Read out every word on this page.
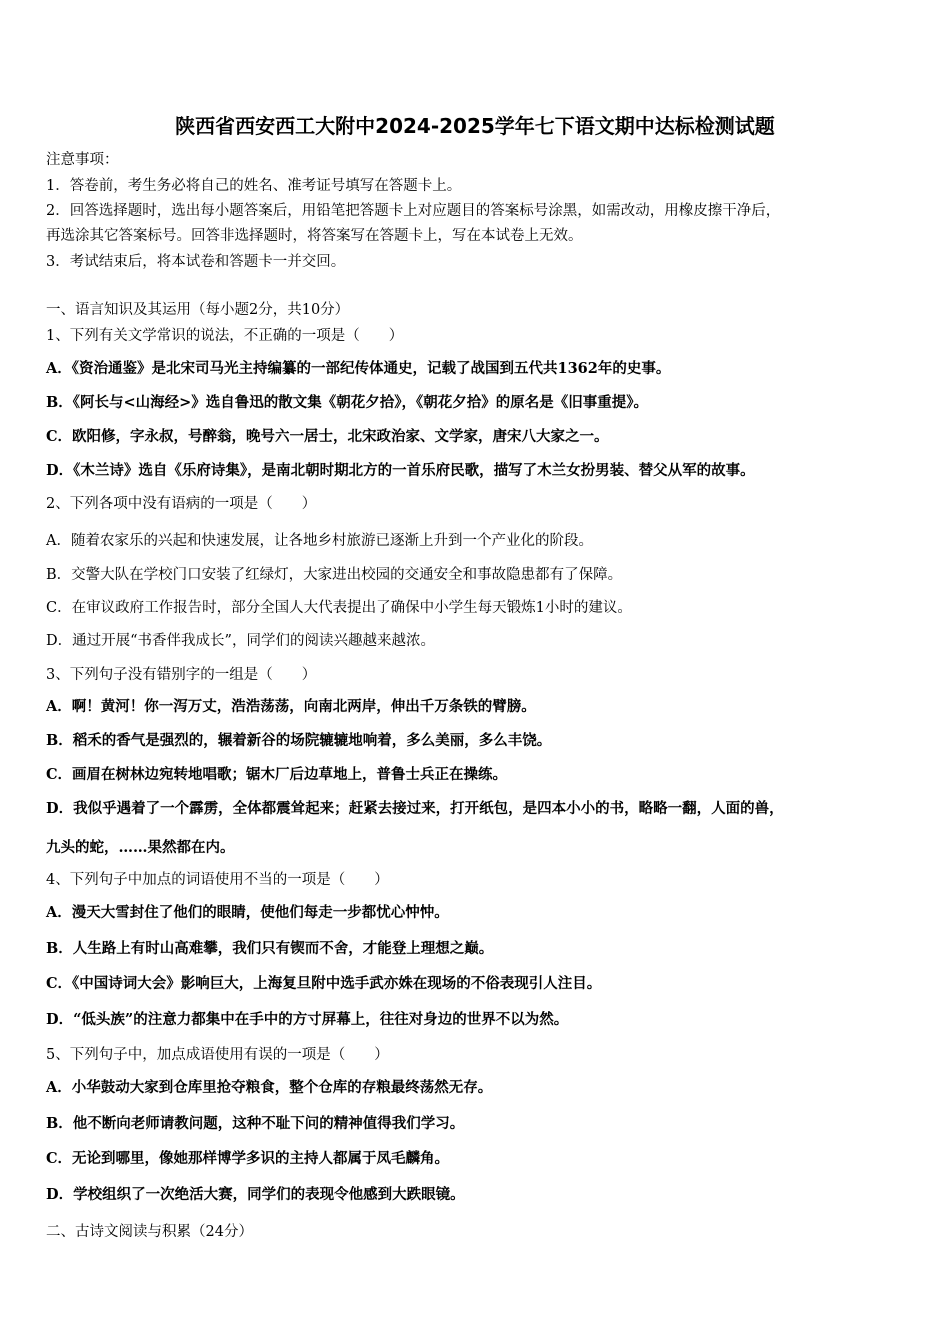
陕西省西安西工大附中2024-2025学年七下语文期中达标检测试题
注意事项：
1．答卷前，考生务必将自己的姓名、准考证号填写在答题卡上。
2．回答选择题时，选出每小题答案后，用铅笔把答题卡上对应题目的答案标号涂黑，如需改动，用橡皮擦干净后，
再选涂其它答案标号。回答非选择题时，将答案写在答题卡上，写在本试卷上无效。
3．考试结束后，将本试卷和答题卡一并交回。
一、语言知识及其运用（每小题2分，共10分）
1、下列有关文学常识的说法，不正确的一项是（　　）
A．《资治通鉴》是北宋司马光主持编纂的一部纪传体通史，记载了战国到五代共1362年的史事。
B．《阿长与<山海经>》选自鲁迅的散文集《朝花夕拾》，《朝花夕拾》的原名是《旧事重提》。
C．欧阳修，字永叔，号醉翁，晚号六一居士，北宋政治家、文学家，唐宋八大家之一。
D．《木兰诗》选自《乐府诗集》，是南北朝时期北方的一首乐府民歌，描写了木兰女扮男装、替父从军的故事。
2、下列各项中没有语病的一项是（　　）
A．随着农家乐的兴起和快速发展，让各地乡村旅游已逐渐上升到一个产业化的阶段。
B．交警大队在学校门口安装了红绿灯，大家进出校园的交通安全和事故隐患都有了保障。
C．在审议政府工作报告时，部分全国人大代表提出了确保中小学生每天锻炼1小时的建议。
D．通过开展“书香伴我成长”，同学们的阅读兴趣越来越浓。
3、下列句子没有错别字的一组是（　　）
A．啊！黄河！你一泻万丈，浩浩荡荡，向南北两岸，伸出千万条铁的臂膀。
B．稻禾的香气是强烈的，辗着新谷的场院辘辘地响着，多么美丽，多么丰饶。
C．画眉在树林边宛转地唱歌；锯木厂后边草地上，普鲁士兵正在操练。
D．我似乎遇着了一个霹雳，全体都震耸起来；赶紧去接过来，打开纸包，是四本小小的书，略略一翻，人面的兽，
九头的蛇，……果然都在内。
4、下列句子中加点的词语使用不当的一项是（　　）
A．漫天大雪封住了他们的眼睛，使他们每走一步都忧心忡忡。
B．人生路上有时山高难攀，我们只有锲而不舍，才能登上理想之巅。
C．《中国诗词大会》影响巨大，上海复旦附中选手武亦姝在现场的不俗表现引人注目。
D．“低头族”的注意力都集中在手中的方寸屏幕上，往往对身边的世界不以为然。
5、下列句子中，加点成语使用有误的一项是（　　）
A．小华鼓动大家到仓库里抢夺粮食，整个仓库的存粮最终荡然无存。
B．他不断向老师请教问题，这种不耻下问的精神值得我们学习。
C．无论到哪里，像她那样博学多识的主持人都属于凤毛麟角。
D．学校组织了一次绝活大赛，同学们的表现令他感到大跌眼镜。
二、古诗文阅读与积累（24分）
